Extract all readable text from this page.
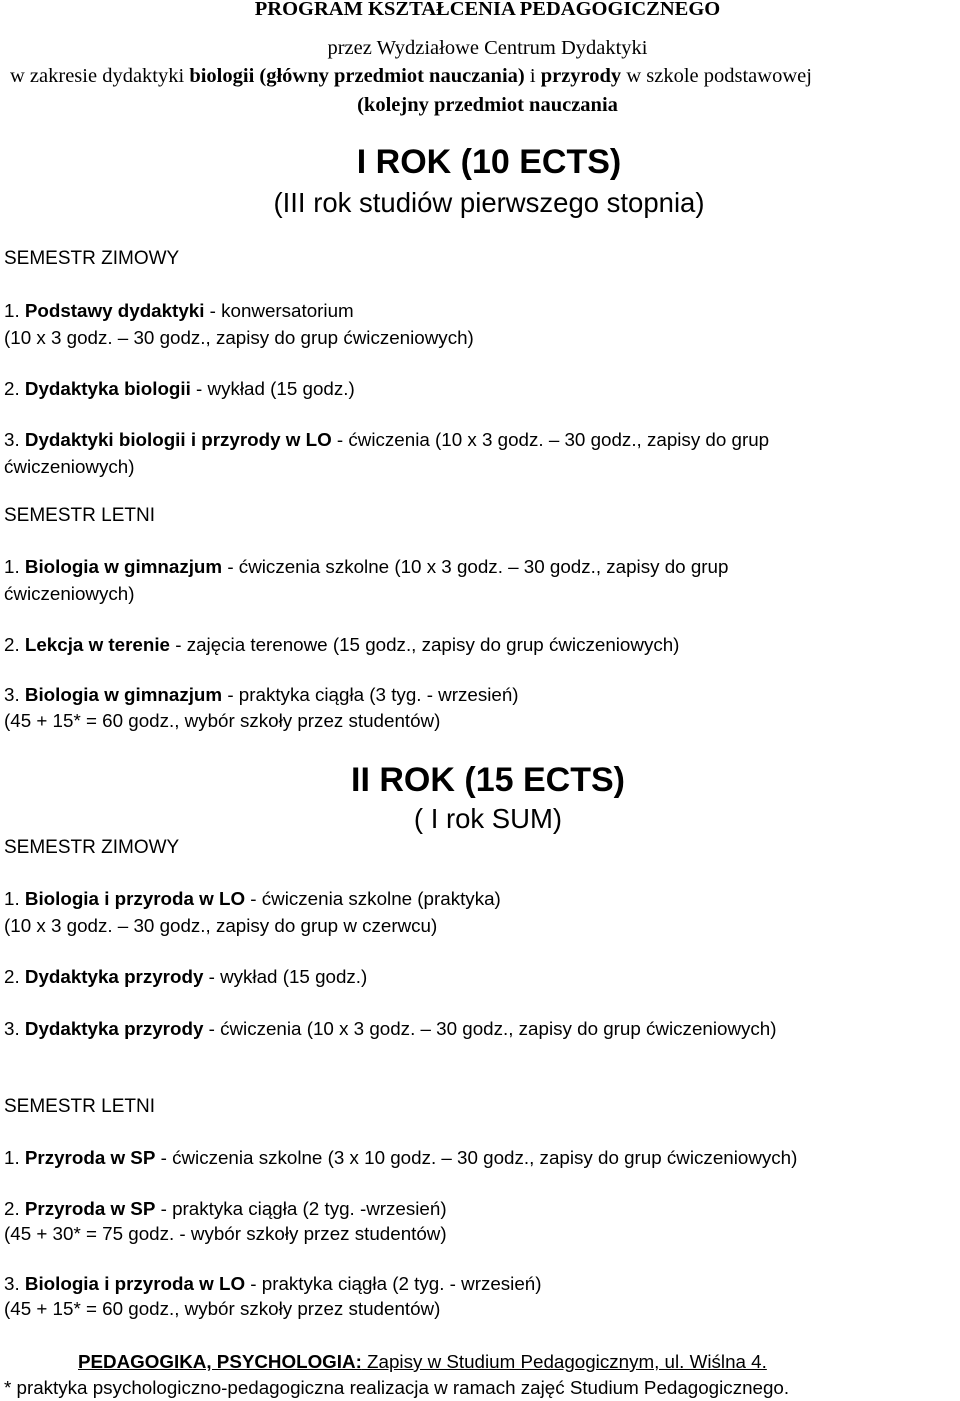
PROGRAM KSZTAŁCENIA PEDAGOGICZNEGO
przez Wydziałowe Centrum Dydaktyki
w zakresie dydaktyki biologii (główny przedmiot nauczania) i przyrody w szkole podstawowej
(kolejny przedmiot nauczania
I ROK (10 ECTS)
(III rok studiów pierwszego stopnia)
SEMESTR ZIMOWY
1. Podstawy dydaktyki - konwersatorium
(10 x 3 godz. – 30 godz., zapisy do grup ćwiczeniowych)
2. Dydaktyka biologii - wykład (15 godz.)
3. Dydaktyki biologii i przyrody w LO - ćwiczenia (10 x 3 godz. – 30 godz., zapisy do grup
ćwiczeniowych)
SEMESTR LETNI
1. Biologia w gimnazjum - ćwiczenia szkolne (10 x 3 godz. – 30 godz., zapisy do grup
ćwiczeniowych)
2. Lekcja w terenie - zajęcia terenowe (15 godz., zapisy do grup ćwiczeniowych)
3. Biologia w gimnazjum - praktyka ciągła (3 tyg. - wrzesień)
(45 + 15* = 60 godz., wybór szkoły przez studentów)
II ROK (15 ECTS)
( I rok SUM)
SEMESTR ZIMOWY
1. Biologia i przyroda w LO - ćwiczenia szkolne (praktyka)
(10 x 3 godz. – 30 godz., zapisy do grup w czerwcu)
2. Dydaktyka przyrody - wykład (15 godz.)
3. Dydaktyka przyrody - ćwiczenia (10 x 3 godz. – 30 godz., zapisy do grup ćwiczeniowych)
SEMESTR LETNI
1. Przyroda w SP - ćwiczenia szkolne (3 x 10 godz. – 30 godz., zapisy do grup ćwiczeniowych)
2. Przyroda w SP - praktyka ciągła (2 tyg. -wrzesień)
(45 + 30* = 75 godz. - wybór szkoły przez studentów)
3. Biologia i przyroda w LO - praktyka ciągła (2 tyg. - wrzesień)
(45 + 15* = 60 godz., wybór szkoły przez studentów)
PEDAGOGIKA, PSYCHOLOGIA: Zapisy w Studium Pedagogicznym, ul. Wiślna 4.
* praktyka psychologiczno-pedagogiczna realizacja w ramach zajęć Studium Pedagogicznego.
